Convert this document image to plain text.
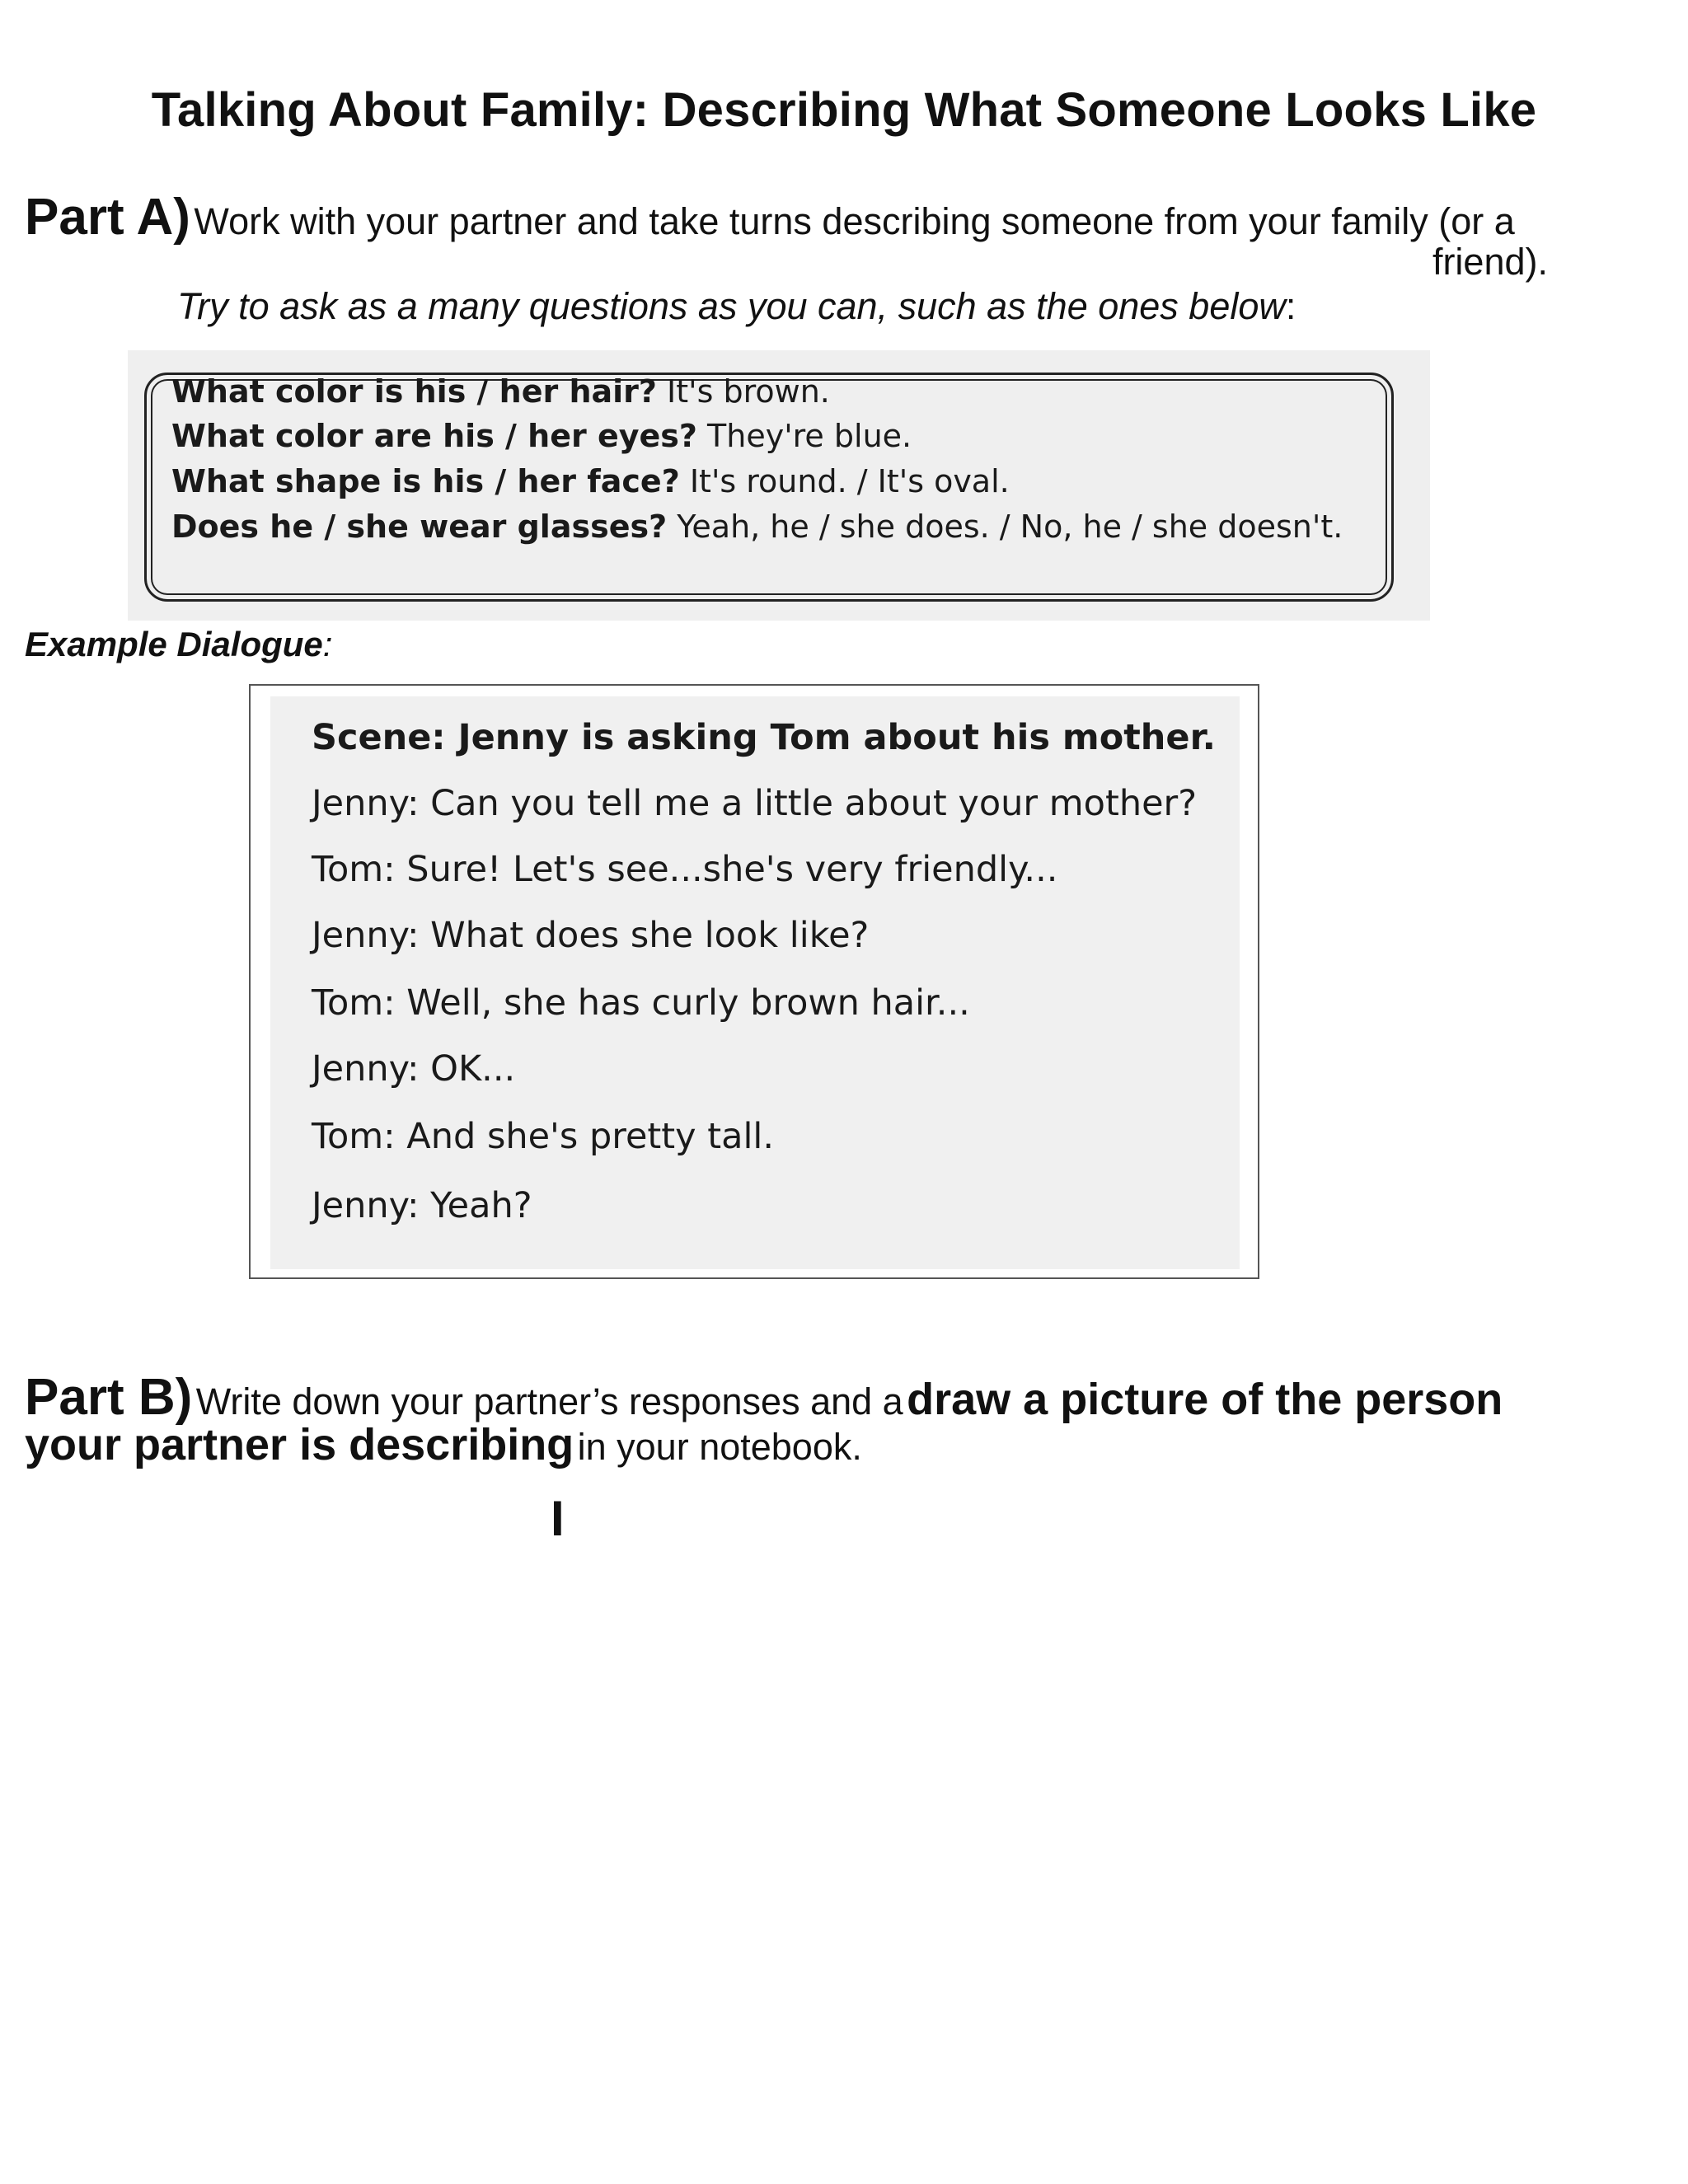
Talking About Family: Describing What Someone Looks Like
Part A) Work with your partner and take turns describing someone from your family (or a
friend).
Try to ask as a many questions as you can, such as the ones below:
What color is his / her hair? It's brown.
What color are his / her eyes? They're blue.
What shape is his / her face? It's round. / It's oval.
Does he / she wear glasses? Yeah, he / she does. / No, he / she doesn't.
Example Dialogue:
Scene: Jenny is asking Tom about his mother.
Jenny: Can you tell me a little about your mother?
Tom: Sure! Let's see...she's very friendly...
Jenny: What does she look like?
Tom: Well, she has curly brown hair...
Jenny: OK...
Tom: And she's pretty tall.
Jenny: Yeah?
Part B) Write down your partner’s responses and a draw a picture of the person
your partner is describing in your notebook.
I
